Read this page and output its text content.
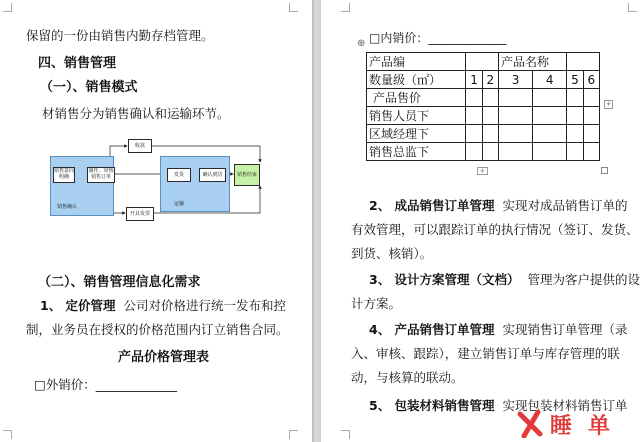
保留的一份由销售内勤存档管理。
四、销售管理
（一）、销售模式
材销售分为销售确认和运输环节。
销售意向明确
制作、审核销售订单
收款
发货	确认到货
开具发票
销售结束
销售确认	运输
（二）、销售管理信息化需求
1、 定价管理 公司对价格进行统一发布和控
制，业务员在授权的价格范围内订立销售合同。
产品价格管理表
□外销价：_____________
□内销价：_____________
⊕
产品编			产品名称			
数量级（㎡）	1	2	3	4	5	6
产品售价						
销售人员下						
区域经理下						
销售总监下						
+
+
2、 成品销售订单管理 实现对成品销售订单的
有效管理，可以跟踪订单的执行情况（签订、发货、
到货、核销）。
3、 设计方案管理（文档） 管理为客户提供的设
计方案。
4、 产品销售订单管理 实现销售订单管理（录
入、审核、跟踪），建立销售订单与库存管理的联
动，与核算的联动。
5、 包装材料销售管理 实现包装材料销售订单
睡 单
